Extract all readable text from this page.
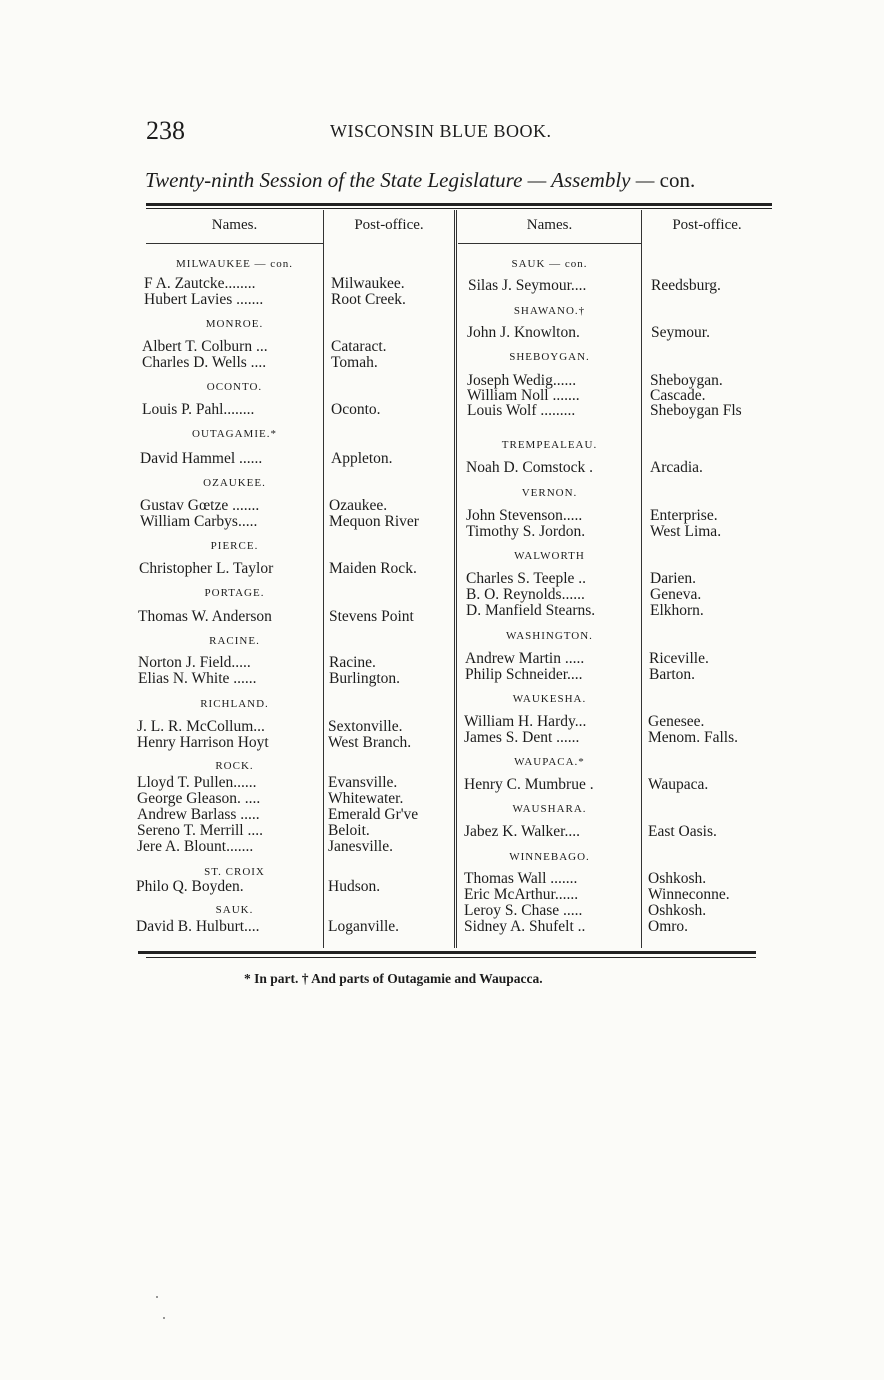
238	WISCONSIN BLUE BOOK.
Twenty-ninth Session of the State Legislature — Assembly — con.
Names.	Post-office.	Names.	Post-office.
MILWAUKEE — con.
F A. Zautcke........	Milwaukee.
Hubert Lavies .......	Root Creek.
MONROE.
Albert T. Colburn ...	Cataract.
Charles D. Wells ....	Tomah.
OCONTO.
Louis P. Pahl........	Oconto.
OUTAGAMIE.*
David Hammel ......	Appleton.
OZAUKEE.
Gustav Gœtze .......	Ozaukee.
William Carbys.....	Mequon River
PIERCE.
Christopher L. Taylor	Maiden Rock.
PORTAGE.
Thomas W. Anderson	Stevens Point
RACINE.
Norton J. Field.....	Racine.
Elias N. White ......	Burlington.
RICHLAND.
J. L. R. McCollum...	Sextonville.
Henry Harrison Hoyt	West Branch.
ROCK.
Lloyd T. Pullen......	Evansville.
George Gleason. ....	Whitewater.
Andrew Barlass .....	Emerald Gr've
Sereno T. Merrill ....	Beloit.
Jere A. Blount.......	Janesville.
ST. CROIX
Philo Q. Boyden.	Hudson.
SAUK.
David B. Hulburt....	Loganville.
SAUK — con.
Silas J. Seymour....	Reedsburg.
SHAWANO.†
John J. Knowlton.	Seymour.
SHEBOYGAN.
Joseph Wedig......	Sheboygan.
William Noll .......	Cascade.
Louis Wolf .........	Sheboygan Fls
TREMPEALEAU.
Noah D. Comstock .	Arcadia.
VERNON.
John Stevenson.....	Enterprise.
Timothy S. Jordon.	West Lima.
WALWORTH
Charles S. Teeple ..	Darien.
B. O. Reynolds......	Geneva.
D. Manfield Stearns.	Elkhorn.
WASHINGTON.
Andrew Martin .....	Riceville.
Philip Schneider....	Barton.
WAUKESHA.
William H. Hardy...	Genesee.
James S. Dent ......	Menom. Falls.
WAUPACA.*
Henry C. Mumbrue .	Waupaca.
WAUSHARA.
Jabez K. Walker....	East Oasis.
WINNEBAGO.
Thomas Wall .......	Oshkosh.
Eric McArthur......	Winneconne.
Leroy S. Chase .....	Oshkosh.
Sidney A. Shufelt ..	Omro.
* In part. † And parts of Outagamie and Waupacca.
